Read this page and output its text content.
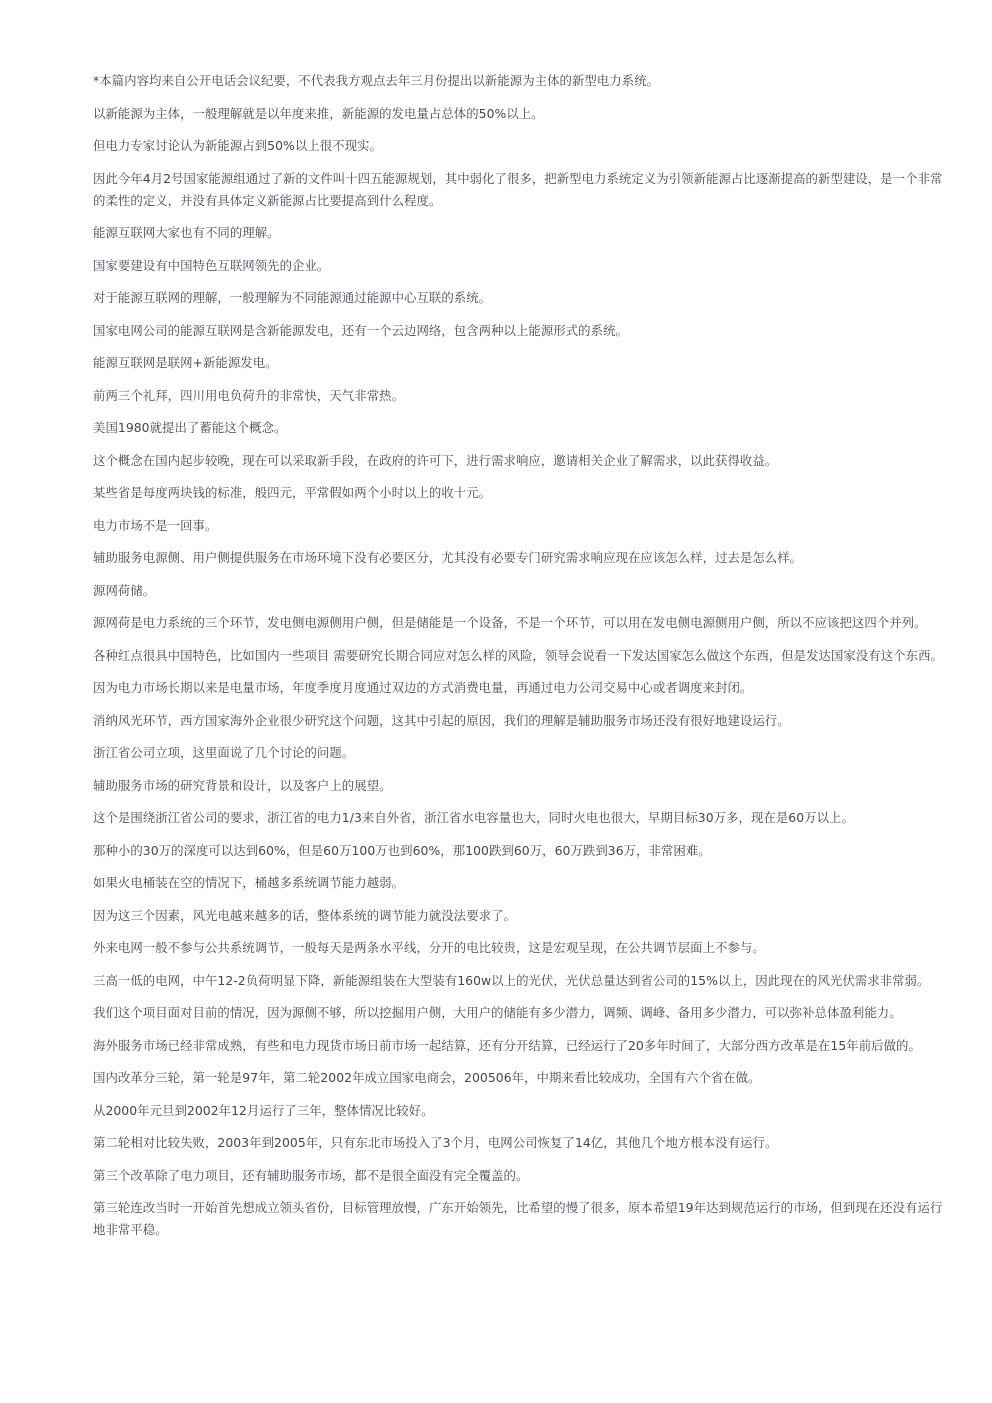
*本篇内容均来自公开电话会议纪要，不代表我方观点去年三月份提出以新能源为主体的新型电力系统。

以新能源为主体，一般理解就是以年度来推，新能源的发电量占总体的50%以上。

但电力专家讨论认为新能源占到50%以上很不现实。

因此今年4月2号国家能源组通过了新的文件叫十四五能源规划，其中弱化了很多，把新型电力系统定义为引领新能源占比逐渐提高的新型建设，是一个非常的柔性的定义，并没有具体定义新能源占比要提高到什么程度。

能源互联网大家也有不同的理解。

国家要建设有中国特色互联网领先的企业。

对于能源互联网的理解，一般理解为不同能源通过能源中心互联的系统。

国家电网公司的能源互联网是含新能源发电，还有一个云边网络，包含两种以上能源形式的系统。

能源互联网是联网+新能源发电。

前两三个礼拜，四川用电负荷升的非常快，天气非常热。

美国1980就提出了蓄能这个概念。

这个概念在国内起步较晚，现在可以采取新手段，在政府的许可下，进行需求响应，邀请相关企业了解需求，以此获得收益。

某些省是每度两块钱的标准，般四元，平常假如两个小时以上的收十元。

电力市场不是一回事。

辅助服务电源侧、用户侧提供服务在市场环境下没有必要区分，尤其没有必要专门研究需求响应现在应该怎么样，过去是怎么样。

源网荷储。

源网荷是电力系统的三个环节，发电侧电源侧用户侧，但是储能是一个设备，不是一个环节，可以用在发电侧电源侧用户侧，所以不应该把这四个并列。

各种红点很具中国特色，比如国内一些项目 需要研究长期合同应对怎么样的风险，领导会说看一下发达国家怎么做这个东西，但是发达国家没有这个东西。

因为电力市场长期以来是电量市场，年度季度月度通过双边的方式消费电量，再通过电力公司交易中心或者调度来封闭。

消纳风光环节，西方国家海外企业很少研究这个问题，这其中引起的原因，我们的理解是辅助服务市场还没有很好地建设运行。

浙江省公司立项，这里面说了几个讨论的问题。

辅助服务市场的研究背景和设计，以及客户上的展望。

这个是围绕浙江省公司的要求，浙江省的电力1/3来自外省，浙江省水电容量也大，同时火电也很大，早期目标30万多，现在是60万以上。

那种小的30万的深度可以达到60%，但是60万100万也到60%，那100跌到60万，60万跌到36万，非常困难。

如果火电桶装在空的情况下，桶越多系统调节能力越弱。

因为这三个因素，风光电越来越多的话，整体系统的调节能力就没法要求了。

外来电网一般不参与公共系统调节，一般每天是两条水平线，分开的电比较贵，这是宏观呈现，在公共调节层面上不参与。

三高一低的电网，中午12-2负荷明显下降，新能源组装在大型装有160w以上的光伏，光伏总量达到省公司的15%以上，因此现在的风光伏需求非常弱。

我们这个项目面对目前的情况，因为源侧不够，所以挖掘用户侧，大用户的储能有多少潜力，调频、调峰、备用多少潜力，可以弥补总体盈利能力。

海外服务市场已经非常成熟，有些和电力现货市场日前市场一起结算，还有分开结算，已经运行了20多年时间了，大部分西方改革是在15年前后做的。

国内改革分三轮，第一轮是97年，第二轮2002年成立国家电商会，200506年，中期来看比较成功，全国有六个省在做。

从2000年元旦到2002年12月运行了三年，整体情况比较好。

第二轮相对比较失败，2003年到2005年，只有东北市场投入了3个月，电网公司恢复了14亿，其他几个地方根本没有运行。

第三个改革除了电力项目，还有辅助服务市场，都不是很全面没有完全覆盖的。

第三轮连改当时一开始首先想成立领头省份，目标管理放慢，广东开始领先，比希望的慢了很多，原本希望19年达到规范运行的市场，但到现在还没有运行地非常平稳。
